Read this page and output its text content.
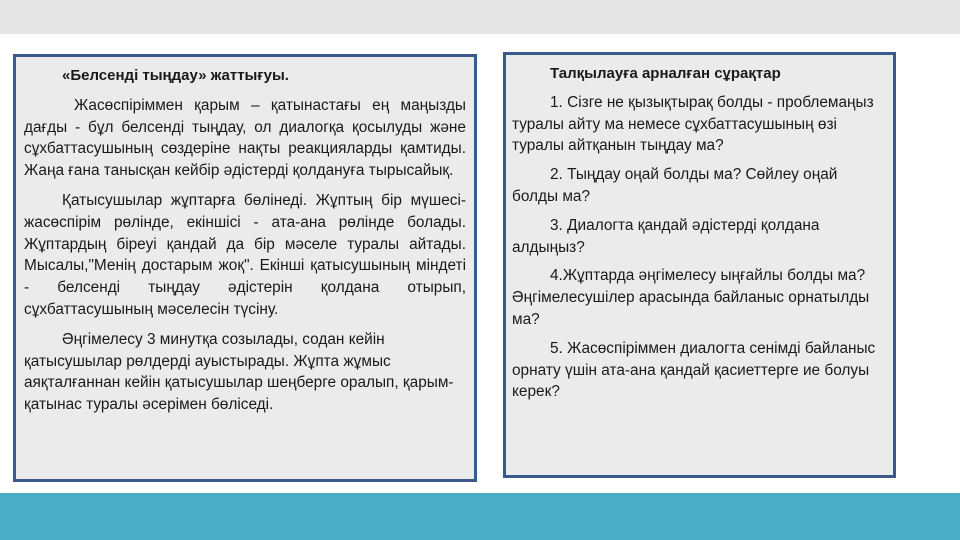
«Белсенді тыңдау» жаттығуы.

Жасөспіріммен қарым – қатынастағы ең маңызды дағды - бұл белсенді тыңдау, ол диалогқа қосылуды және сұхбаттасушының сөздеріне нақты реакцияларды қамтиды. Жаңа ғана танысқан кейбір әдістерді қолдануға тырысайық.

Қатысушылар жұптарға бөлінеді. Жұптың бір мүшесі-жасөспірім рөлінде, екіншісі - ата-ана рөлінде болады. Жұптардың біреуі қандай да бір мәселе туралы айтады. Мысалы,"Менің достарым жоқ". Екінші қатысушының міндеті - белсенді тыңдау әдістерін қолдана отырып, сұхбаттасушының мәселесін түсіну.

Әңгімелесу 3 минутқа созылады, содан кейін қатысушылар рөлдерді ауыстырады. Жұпта жұмыс аяқталғаннан кейін қатысушылар шеңберге оралып, қарым-қатынас туралы әсерімен бөліседі.

Талқылауға арналған сұрақтар

1. Сізге не қызықтырақ болды - проблемаңыз туралы айту ма немесе сұхбаттасушының өзі туралы айтқанын тыңдау ма?

2. Тыңдау оңай болды ма? Сөйлеу оңай болды ма?

3. Диалогта қандай әдістерді қолдана алдыңыз?

4.Жұптарда әңгімелесу ыңғайлы болды ма? Әңгімелесушілер арасында байланыс орнатылды ма?

5. Жасөспіріммен диалогта сенімді байланыс орнату үшін ата-ана қандай қасиеттерге ие болуы керек?
